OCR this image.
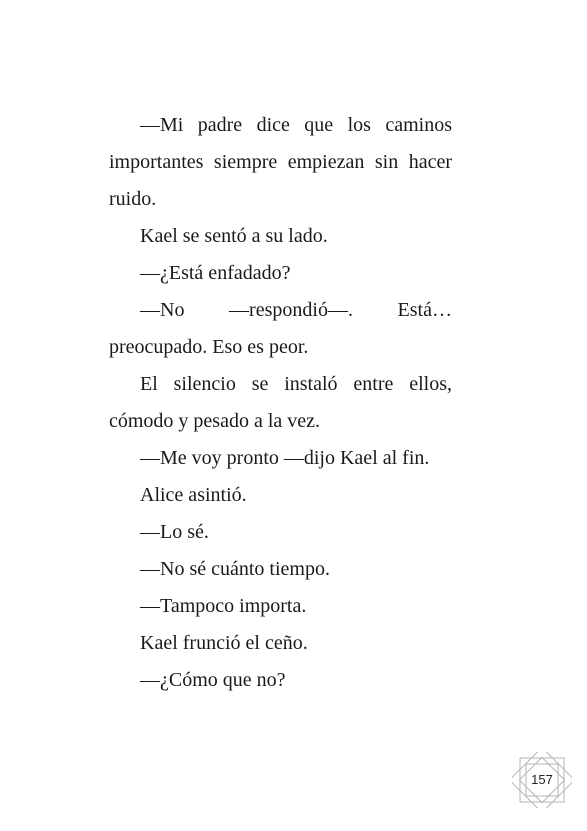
—Mi padre dice que los caminos importantes siempre empiezan sin hacer ruido.

Kael se sentó a su lado.

—¿Está enfadado?

—No —respondió—. Está… preocupado. Eso es peor.

El silencio se instaló entre ellos, cómodo y pesado a la vez.

—Me voy pronto —dijo Kael al fin.

Alice asintió.

—Lo sé.

—No sé cuánto tiempo.

—Tampoco importa.

Kael frunció el ceño.

—¿Cómo que no?

157
